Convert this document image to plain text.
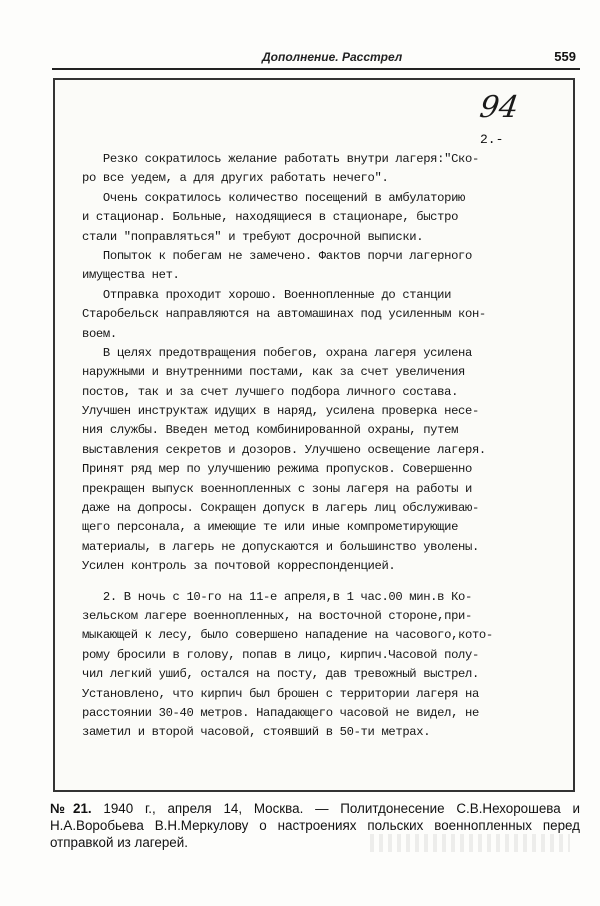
Дополнение. Расстрел	559
94
2.-
Резко сократилось желание работать внутри лагеря:"Ско-
ро все уедем, а для других работать нечего".
Очень сократилось количество посещений в амбулаторию
и стационар. Больные, находящиеся в стационаре, быстро
стали "поправляться" и требуют досрочной выписки.
Попыток к побегам не замечено. Фактов порчи лагерного
имущества нет.
Отправка проходит хорошо. Военнопленные до станции
Старобельск направляются на автомашинах под усиленным кон-
воем.
В целях предотвращения побегов, охрана лагеря усилена
наружными и внутренними постами, как за счет увеличения
постов, так и за счет лучшего подбора личного состава.
Улучшен инструктаж идущих в наряд, усилена проверка несе-
ния службы. Введен метод комбинированной охраны, путем
выставления секретов и дозоров. Улучшено освещение лагеря.
Принят ряд мер по улучшению режима пропусков. Совершенно
прекращен выпуск военнопленных с зоны лагеря на работы и
даже на допросы. Сокращен допуск в лагерь лиц обслуживаю-
щего персонала, а имеющие те или иные компрометирующие
материалы, в лагерь не допускаются и большинство уволены.
Усилен контроль за почтовой корреспонденцией.
2. В ночь с 10-го на 11-е апреля,в 1 час.00 мин.в Ко-
зельском лагере военнопленных, на восточной стороне,при-
мыкающей к лесу, было совершено нападение на часового,кото-
рому бросили в голову, попав в лицо, кирпич.Часовой полу-
чил легкий ушиб, остался на посту, дав тревожный выстрел.
Установлено, что кирпич был брошен с территории лагеря на
расстоянии 30-40 метров. Нападающего часовой не видел, не
заметил и второй часовой, стоявший в 50-ти метрах.
№21. 1940 г., апреля 14, Москва. — Политдонесение С.В.Нехорошева и Н.А.Воробьева В.Н.Меркулову о настроениях польских военнопленных перед отправкой из лагерей.
